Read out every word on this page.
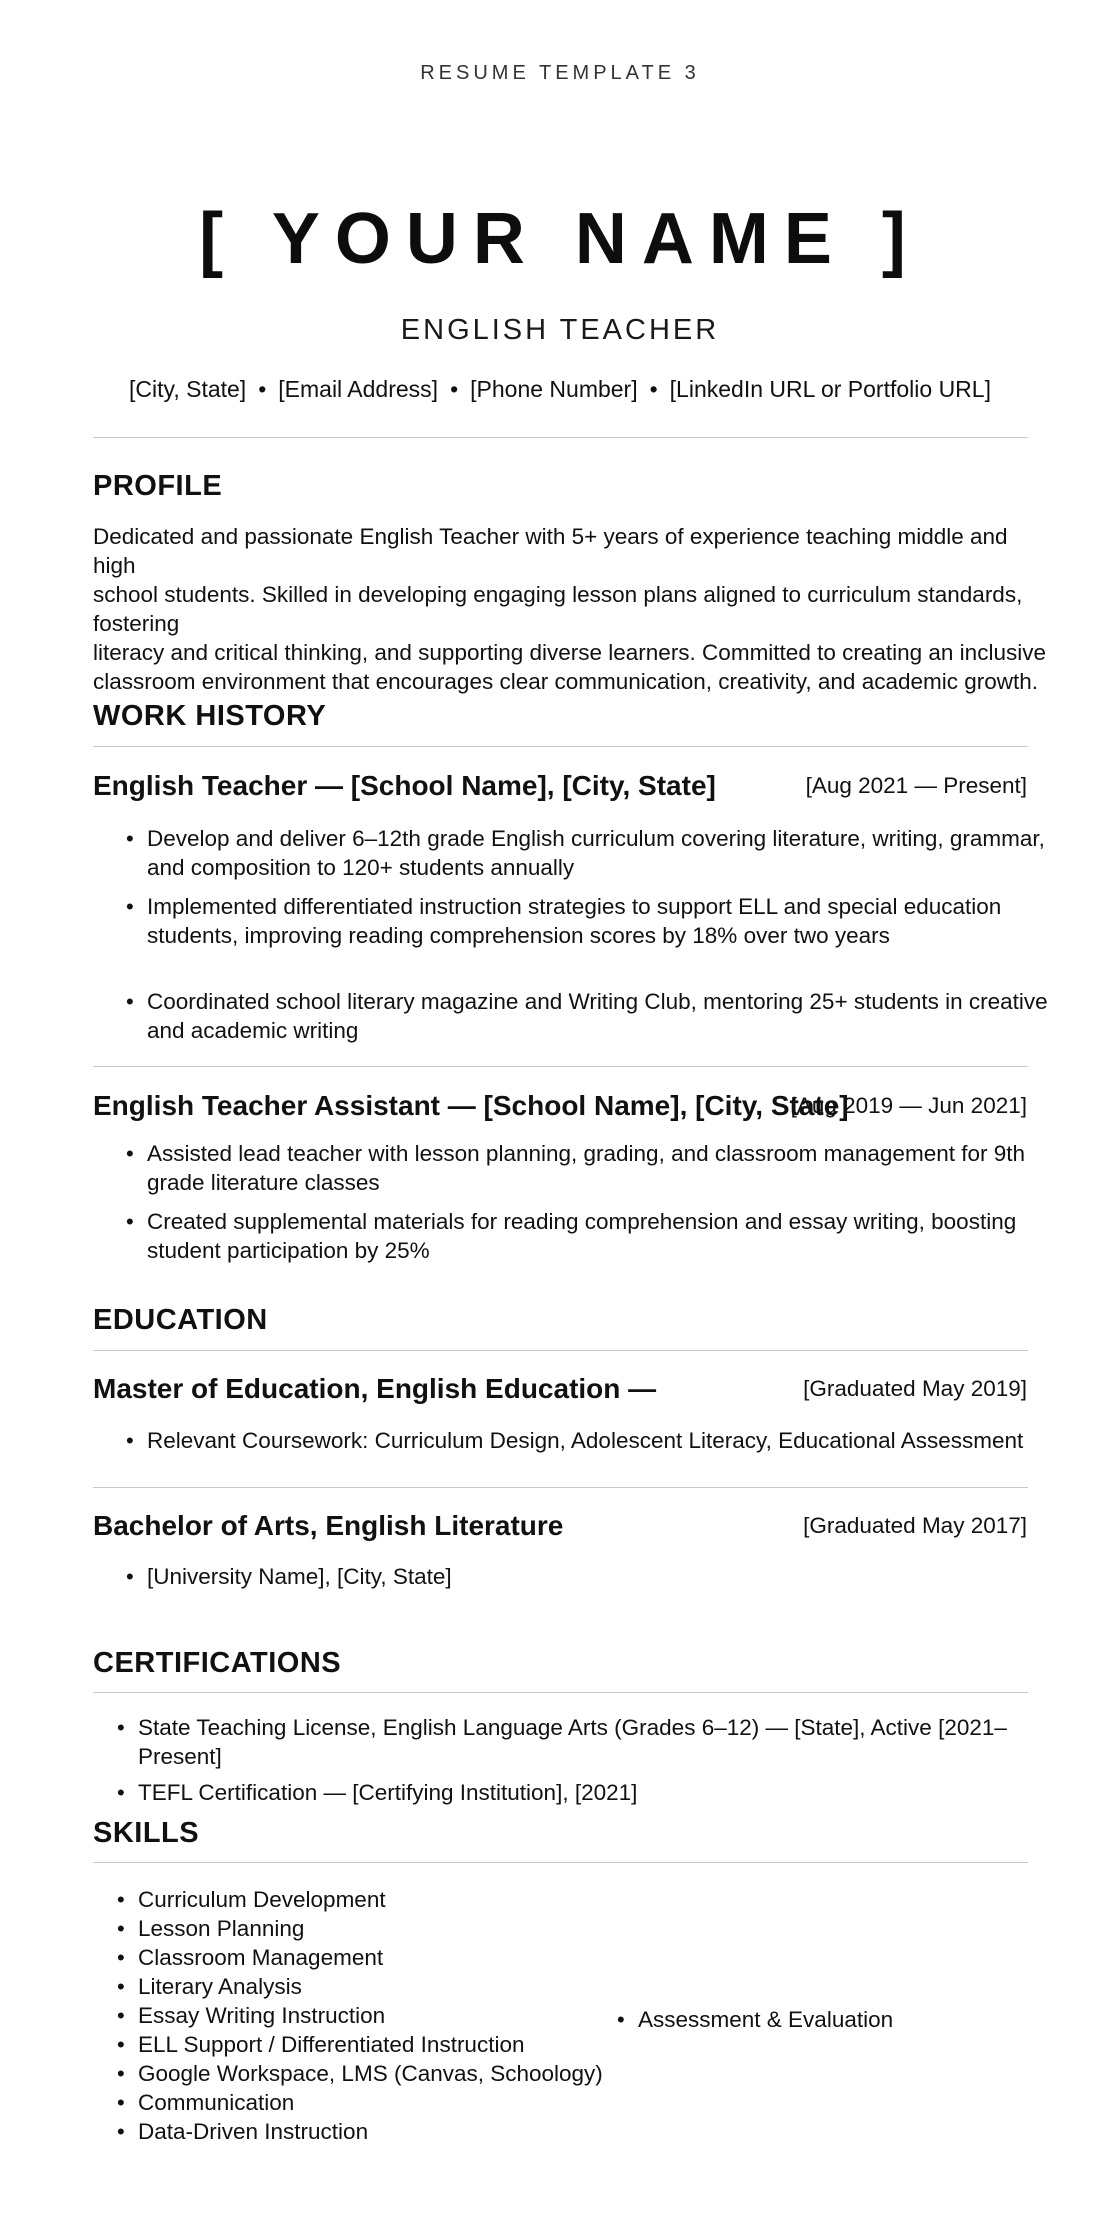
RESUME TEMPLATE 3
[ YOUR NAME ]
ENGLISH TEACHER
[City, State] • [Email Address] • [Phone Number] • [LinkedIn URL or Portfolio URL]
PROFILE
Dedicated and passionate English Teacher with 5+ years of experience teaching middle and high
school students. Skilled in developing engaging lesson plans aligned to curriculum standards, fostering
literacy and critical thinking, and supporting diverse learners. Committed to creating an inclusive
classroom environment that encourages clear communication, creativity, and academic growth.
WORK HISTORY
English Teacher — [School Name], [City, State]	[Aug 2021 — Present]
• Develop and deliver 6–12th grade English curriculum covering literature, writing, grammar,
and composition to 120+ students annually
• Implemented differentiated instruction strategies to support ELL and special education
students, improving reading comprehension scores by 18% over two years
• Coordinated school literary magazine and Writing Club, mentoring 25+ students in creative
and academic writing
English Teacher Assistant — [School Name], [City, State]
[Aug 2019 — Jun 2021]
• Assisted lead teacher with lesson planning, grading, and classroom management for 9th
grade literature classes
• Created supplemental materials for reading comprehension and essay writing, boosting
student participation by 25%
EDUCATION
Master of Education, English Education —	[Graduated May 2019]
• Relevant Coursework: Curriculum Design, Adolescent Literacy, Educational Assessment
Bachelor of Arts, English Literature	[Graduated May 2017]
• [University Name], [City, State]
CERTIFICATIONS
• State Teaching License, English Language Arts (Grades 6–12) — [State], Active [2021–Present]
• TEFL Certification — [Certifying Institution], [2021]
SKILLS
• Curriculum Development
• Lesson Planning
• Classroom Management
• Literary Analysis
• Essay Writing Instruction
• ELL Support / Differentiated Instruction
• Google Workspace, LMS (Canvas, Schoology)
• Communication
• Data-Driven Instruction
• Assessment & Evaluation
